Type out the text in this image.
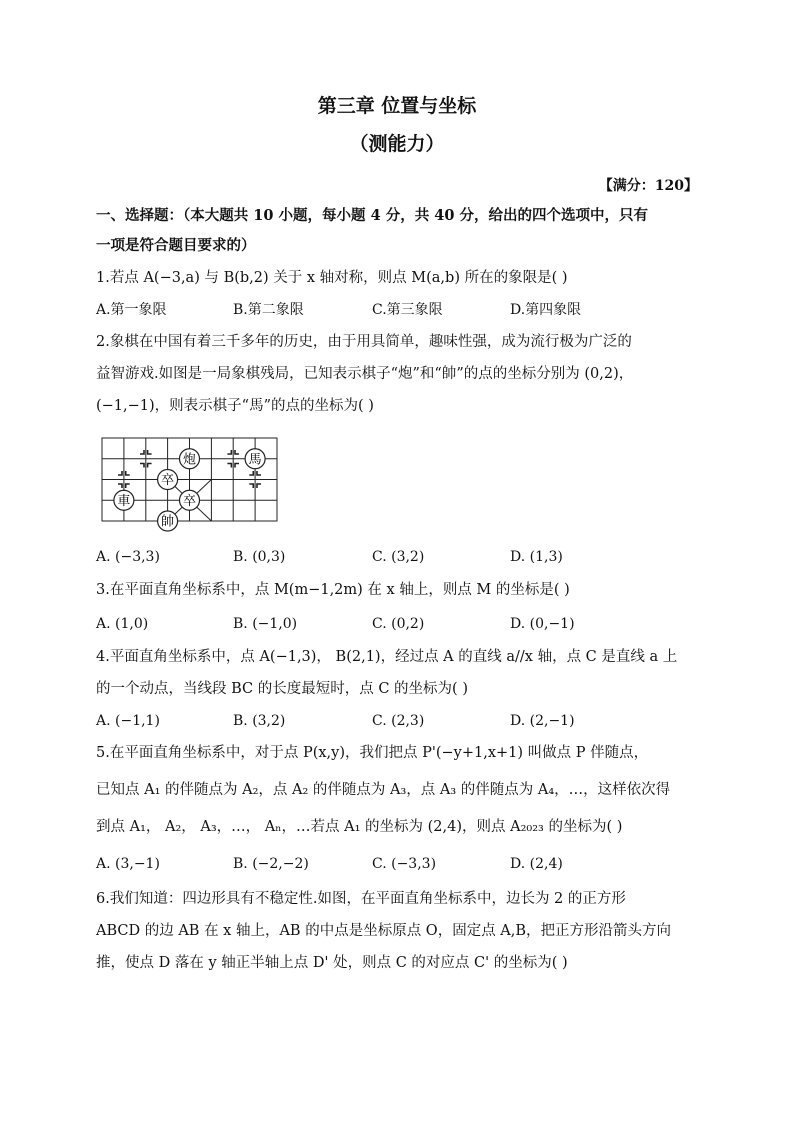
第三章 位置与坐标
（测能力）
【满分：120】
一、选择题：（本大题共 10 小题，每小题 4 分，共 40 分，给出的四个选项中，只有
一项是符合题目要求的）
1.若点 A(−3,a) 与 B(b,2) 关于 x 轴对称，则点 M(a,b) 所在的象限是( )
A.第一象限	B.第二象限	C.第三象限	D.第四象限
2.象棋在中国有着三千多年的历史，由于用具简单，趣味性强，成为流行极为广泛的
益智游戏.如图是一局象棋残局，已知表示棋子“炮”和“帥”的点的坐标分别为 (0,2)，
(−1,−1)，则表示棋子“馬”的点的坐标为( )
炮	馬
卒
車	卒
帥
A. (−3,3)	B. (0,3)	C. (3,2)	D. (1,3)
3.在平面直角坐标系中，点 M(m−1,2m) 在 x 轴上，则点 M 的坐标是( )
A. (1,0)	B. (−1,0)	C. (0,2)	D. (0,−1)
4.平面直角坐标系中，点 A(−1,3)， B(2,1)，经过点 A 的直线 a//x 轴，点 C 是直线 a 上
的一个动点，当线段 BC 的长度最短时，点 C 的坐标为( )
A. (−1,1)	B. (3,2)	C. (2,3)	D. (2,−1)
5.在平面直角坐标系中，对于点 P(x,y)，我们把点 P'(−y+1,x+1) 叫做点 P 伴随点，
已知点 A₁ 的伴随点为 A₂，点 A₂ 的伴随点为 A₃，点 A₃ 的伴随点为 A₄，…，这样依次得
到点 A₁， A₂， A₃，…， Aₙ，…若点 A₁ 的坐标为 (2,4)，则点 A₂₀₂₃ 的坐标为( )
A. (3,−1)	B. (−2,−2)	C. (−3,3)	D. (2,4)
6.我们知道：四边形具有不稳定性.如图，在平面直角坐标系中，边长为 2 的正方形
ABCD 的边 AB 在 x 轴上，AB 的中点是坐标原点 O，固定点 A,B，把正方形沿箭头方向
推，使点 D 落在 y 轴正半轴上点 D' 处，则点 C 的对应点 C' 的坐标为( )
